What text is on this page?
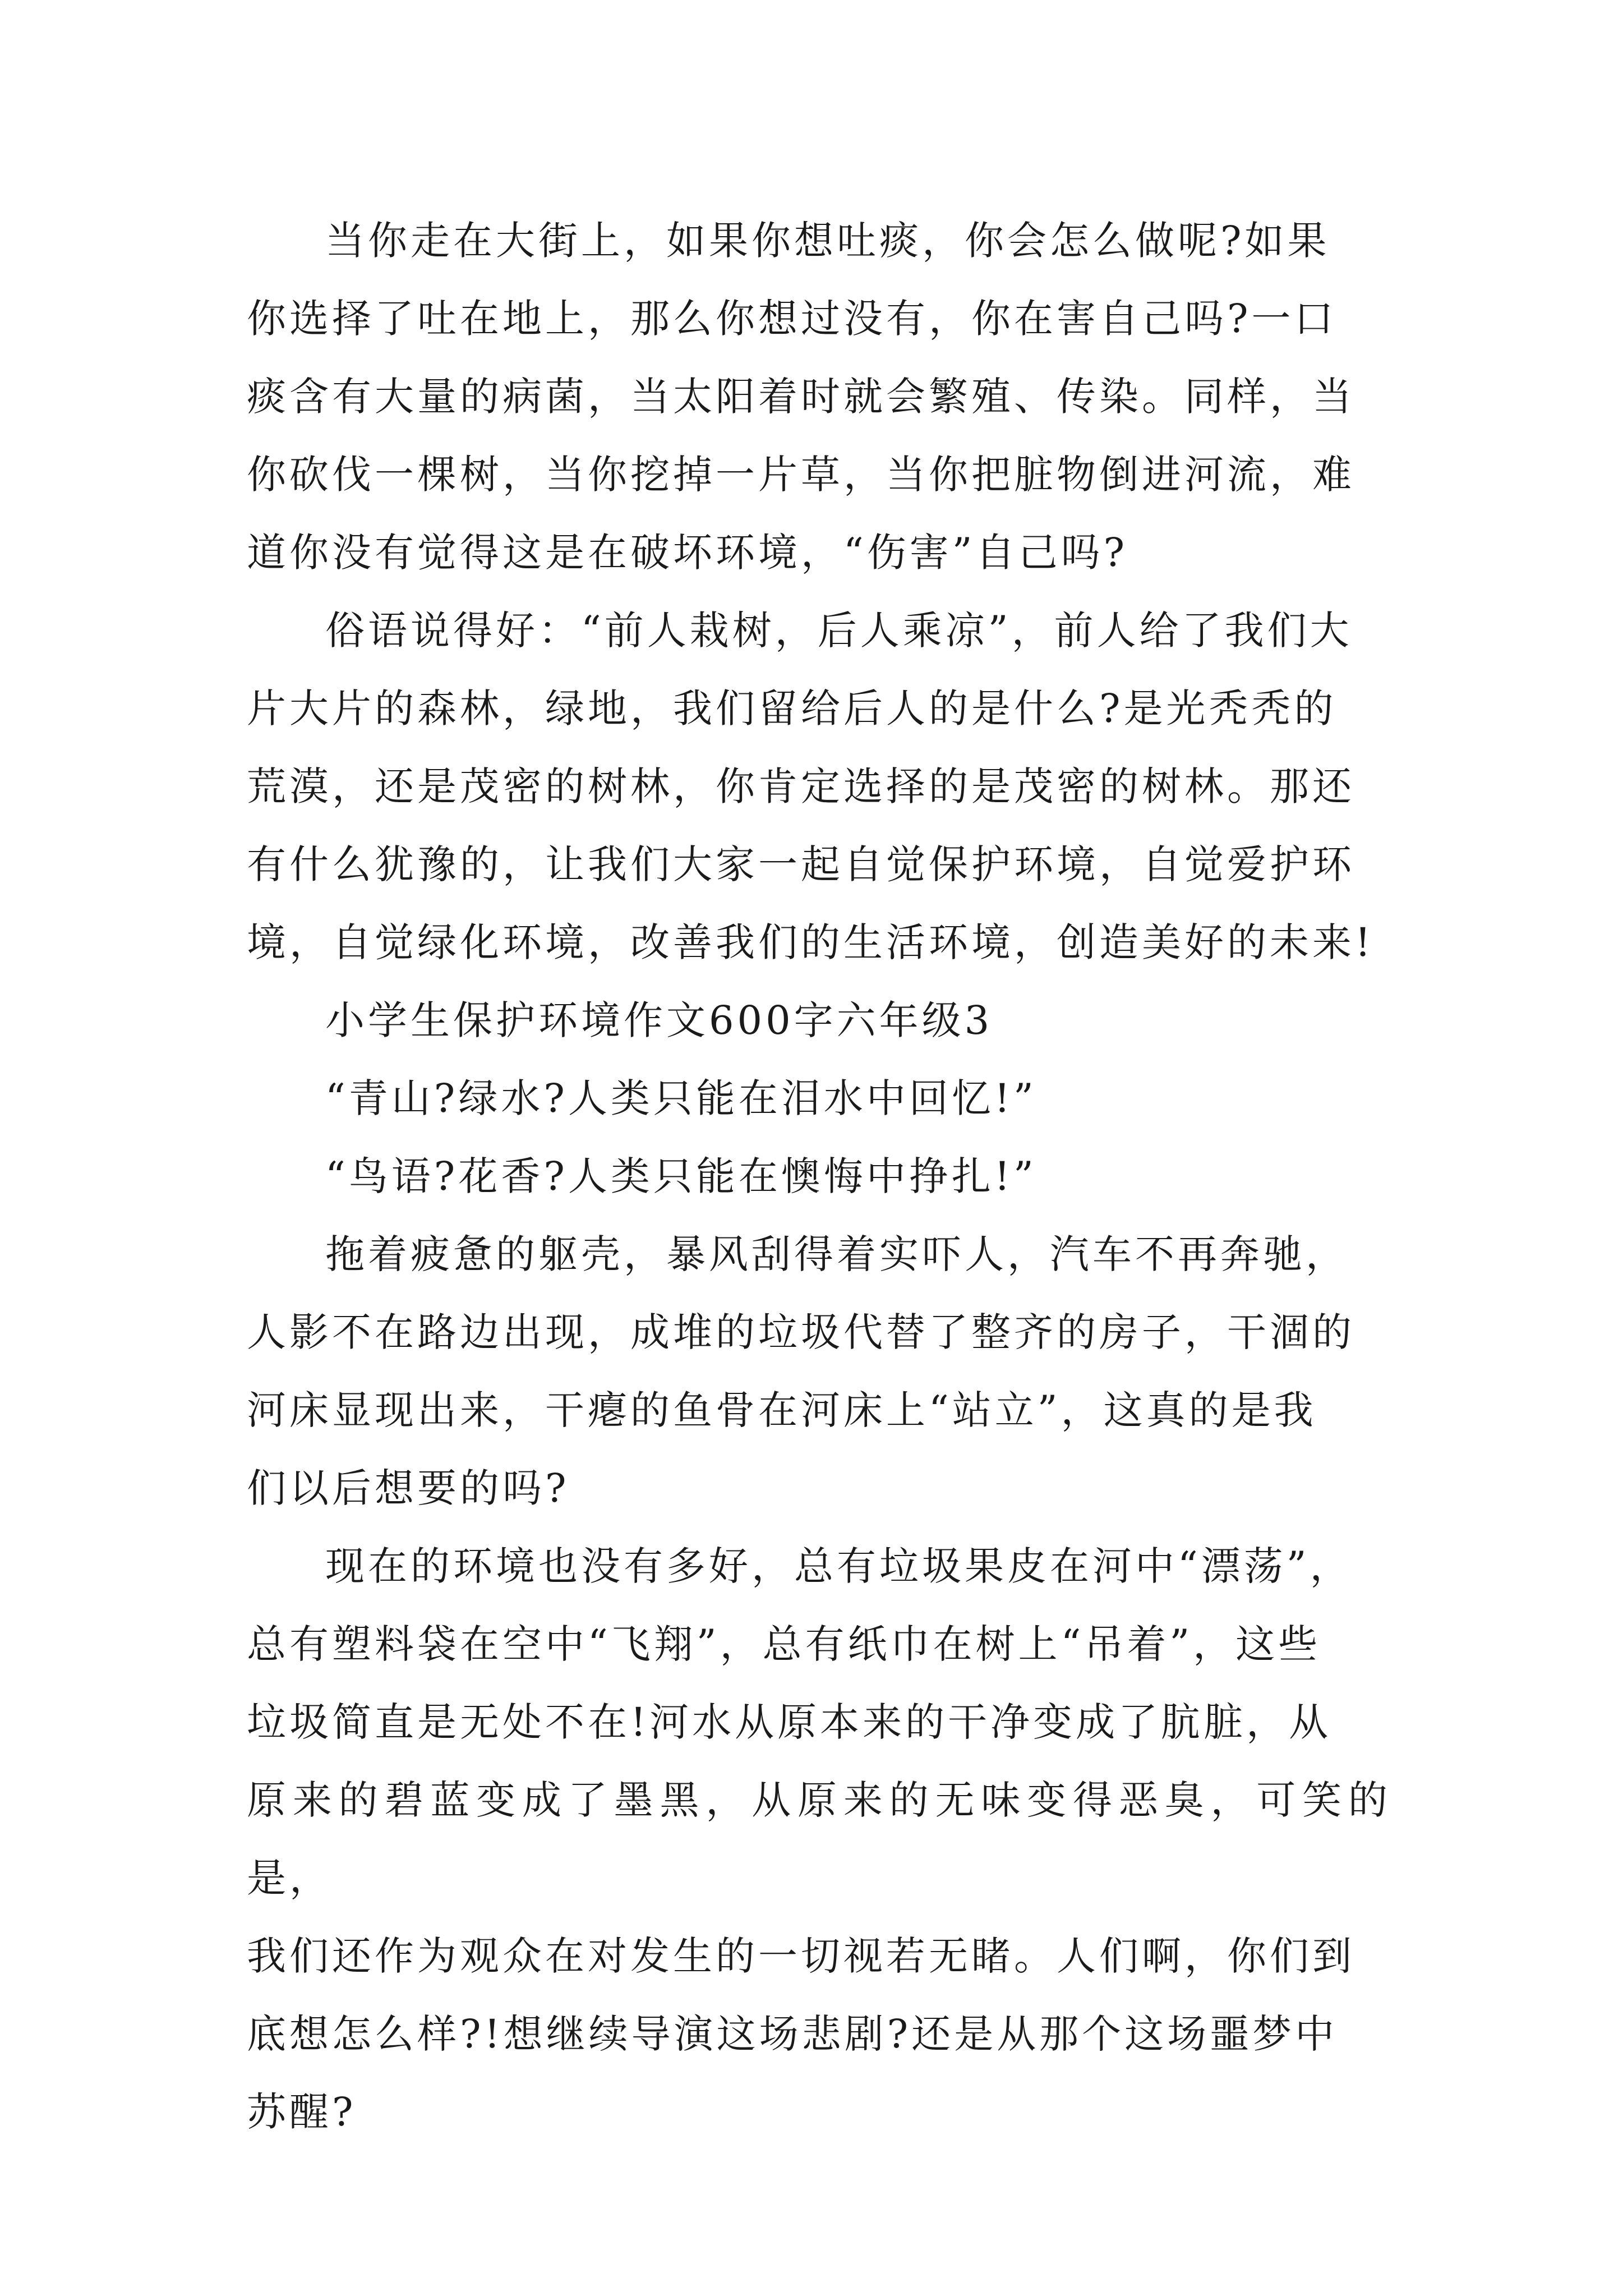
当你走在大街上，如果你想吐痰，你会怎么做呢?如果
你选择了吐在地上，那么你想过没有，你在害自己吗?一口
痰含有大量的病菌，当太阳着时就会繁殖、传染。同样，当
你砍伐一棵树，当你挖掉一片草，当你把脏物倒进河流，难
道你没有觉得这是在破坏环境，“伤害”自己吗?

俗语说得好：“前人栽树，后人乘凉”，前人给了我们大
片大片的森林，绿地，我们留给后人的是什么?是光秃秃的
荒漠，还是茂密的树林，你肯定选择的是茂密的树林。那还
有什么犹豫的，让我们大家一起自觉保护环境，自觉爱护环
境，自觉绿化环境，改善我们的生活环境，创造美好的未来!

小学生保护环境作文600字六年级3

“青山?绿水?人类只能在泪水中回忆!”

“鸟语?花香?人类只能在懊悔中挣扎!”

拖着疲惫的躯壳，暴风刮得着实吓人，汽车不再奔驰，
人影不在路边出现，成堆的垃圾代替了整齐的房子，干涸的
河床显现出来，干瘪的鱼骨在河床上“站立”，这真的是我
们以后想要的吗?

现在的环境也没有多好，总有垃圾果皮在河中“漂荡”，
总有塑料袋在空中“飞翔”，总有纸巾在树上“吊着”，这些
垃圾简直是无处不在!河水从原本来的干净变成了肮脏，从
原来的碧蓝变成了墨黑，从原来的无味变得恶臭，可笑的是，
我们还作为观众在对发生的一切视若无睹。人们啊，你们到
底想怎么样?!想继续导演这场悲剧?还是从那个这场噩梦中
苏醒?
